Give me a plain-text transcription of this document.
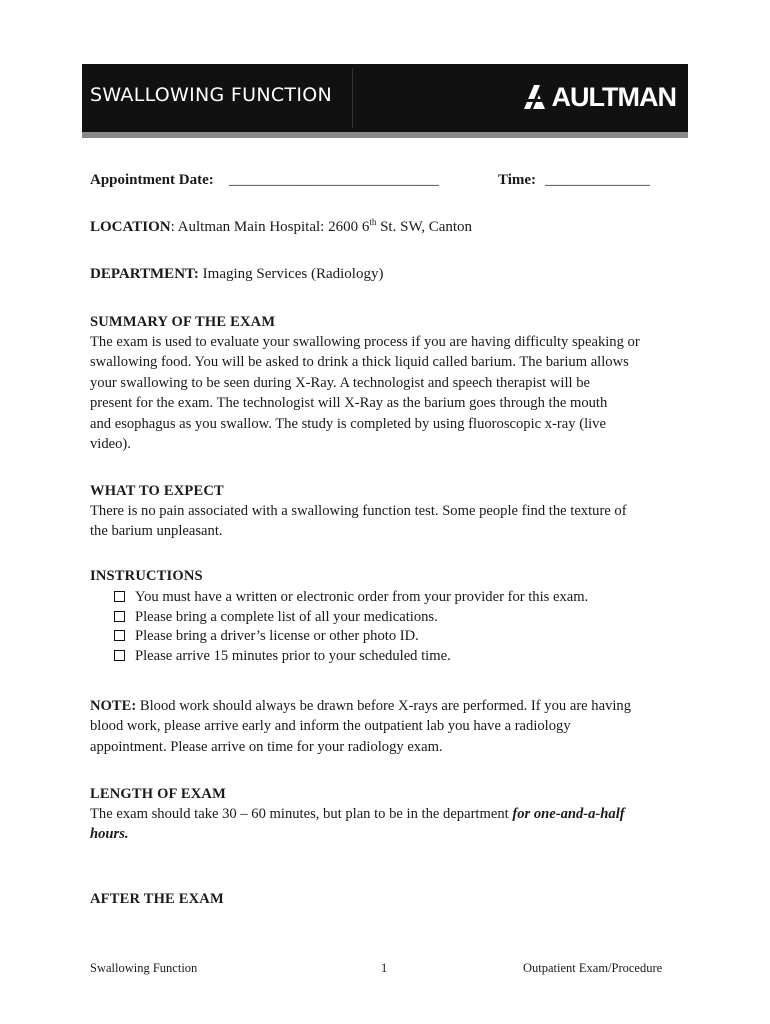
SWALLOWING FUNCTION	AULTMAN
Appointment Date: ____________________________	Time: ______________
LOCATION: Aultman Main Hospital: 2600 6th St. SW, Canton
DEPARTMENT: Imaging Services (Radiology)
SUMMARY OF THE EXAM
The exam is used to evaluate your swallowing process if you are having difficulty speaking or
swallowing food. You will be asked to drink a thick liquid called barium. The barium allows
your swallowing to be seen during X-Ray. A technologist and speech therapist will be
present for the exam. The technologist will X-Ray as the barium goes through the mouth
and esophagus as you swallow. The study is completed by using fluoroscopic x-ray (live
video).
WHAT TO EXPECT
There is no pain associated with a swallowing function test. Some people find the texture of
the barium unpleasant.
INSTRUCTIONS
You must have a written or electronic order from your provider for this exam.
Please bring a complete list of all your medications.
Please bring a driver’s license or other photo ID.
Please arrive 15 minutes prior to your scheduled time.
NOTE: Blood work should always be drawn before X-rays are performed. If you are having
blood work, please arrive early and inform the outpatient lab you have a radiology
appointment. Please arrive on time for your radiology exam.
LENGTH OF EXAM
The exam should take 30 – 60 minutes, but plan to be in the department for one-and-a-half
hours.
AFTER THE EXAM
Swallowing Function	1	Outpatient Exam/Procedure
